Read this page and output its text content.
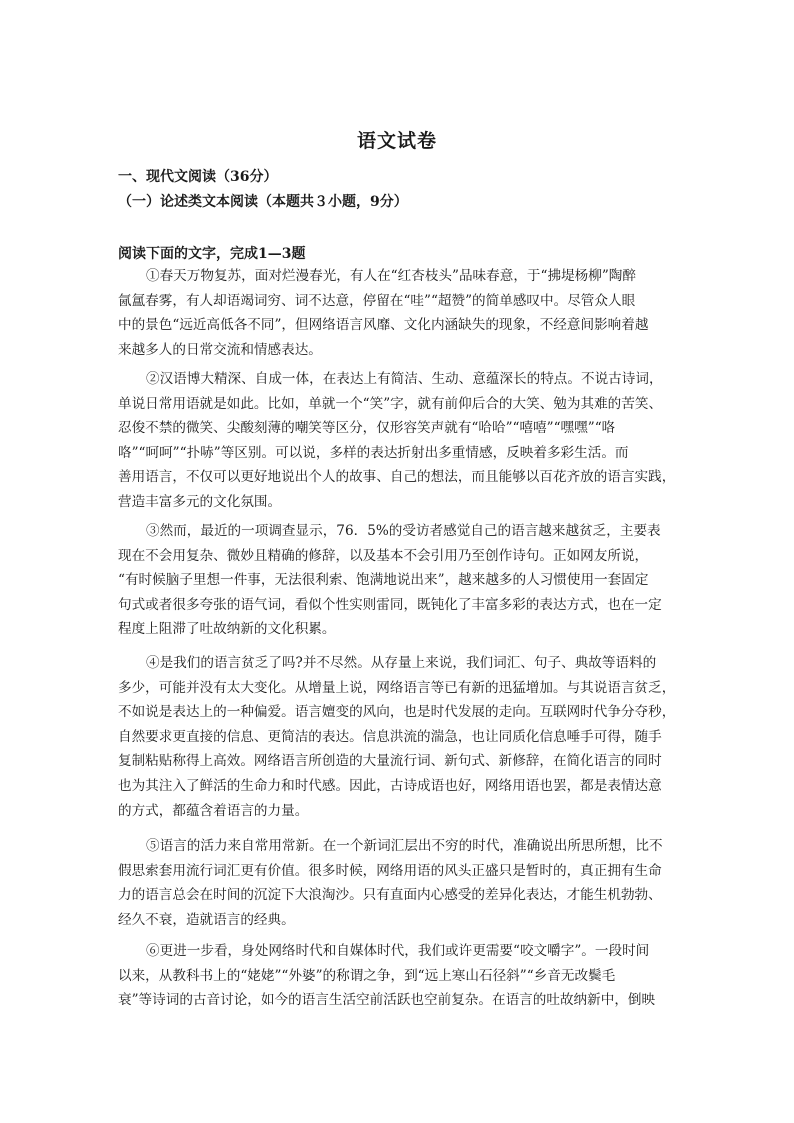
语文试卷
一、现代文阅读（36分）
（一）论述类文本阅读（本题共３小题，9分）
阅读下面的文字，完成1—3题
①春天万物复苏，面对烂漫春光，有人在“红杏枝头”品味春意，于“拂堤杨柳”陶醉
氤氲春雾，有人却语竭词穷、词不达意，停留在“哇”“超赞”的简单感叹中。尽管众人眼
中的景色“远近高低各不同”，但网络语言风靡、文化内涵缺失的现象，不经意间影响着越
来越多人的日常交流和情感表达。
②汉语博大精深、自成一体，在表达上有简洁、生动、意蕴深长的特点。不说古诗词，
单说日常用语就是如此。比如，单就一个“笑”字，就有前仰后合的大笑、勉为其难的苦笑、
忍俊不禁的微笑、尖酸刻薄的嘲笑等区分，仅形容笑声就有“哈哈”“嘻嘻”“嘿嘿”“咯
咯”“呵呵”“扑哧”等区别。可以说，多样的表达折射出多重情感，反映着多彩生活。而
善用语言，不仅可以更好地说出个人的故事、自己的想法，而且能够以百花齐放的语言实践，
营造丰富多元的文化氛围。
③然而，最近的一项调查显示，76．5%的受访者感觉自己的语言越来越贫乏，主要表
现在不会用复杂、微妙且精确的修辞，以及基本不会引用乃至创作诗句。正如网友所说，
“有时候脑子里想一件事，无法很利索、饱满地说出来”，越来越多的人习惯使用一套固定
句式或者很多夸张的语气词，看似个性实则雷同，既钝化了丰富多彩的表达方式，也在一定
程度上阻滞了吐故纳新的文化积累。
④是我们的语言贫乏了吗?并不尽然。从存量上来说，我们词汇、句子、典故等语料的
多少，可能并没有太大变化。从增量上说，网络语言等已有新的迅猛增加。与其说语言贫乏，
不如说是表达上的一种偏爱。语言嬗变的风向，也是时代发展的走向。互联网时代争分夺秒，
自然要求更直接的信息、更简洁的表达。信息洪流的湍急，也让同质化信息唾手可得，随手
复制粘贴称得上高效。网络语言所创造的大量流行词、新句式、新修辞，在简化语言的同时
也为其注入了鲜活的生命力和时代感。因此，古诗成语也好，网络用语也罢，都是表情达意
的方式，都蕴含着语言的力量。
⑤语言的活力来自常用常新。在一个新词汇层出不穷的时代，准确说出所思所想，比不
假思索套用流行词汇更有价值。很多时候，网络用语的风头正盛只是暂时的，真正拥有生命
力的语言总会在时间的沉淀下大浪淘沙。只有直面内心感受的差异化表达，才能生机勃勃、
经久不衰，造就语言的经典。
⑥更进一步看，身处网络时代和自媒体时代，我们或许更需要“咬文嚼字”。一段时间
以来，从教科书上的“姥姥”“外婆”的称谓之争，到“远上寒山石径斜”“乡音无改鬓毛
衰”等诗词的古音讨论，如今的语言生活空前活跃也空前复杂。在语言的吐故纳新中，倒映
